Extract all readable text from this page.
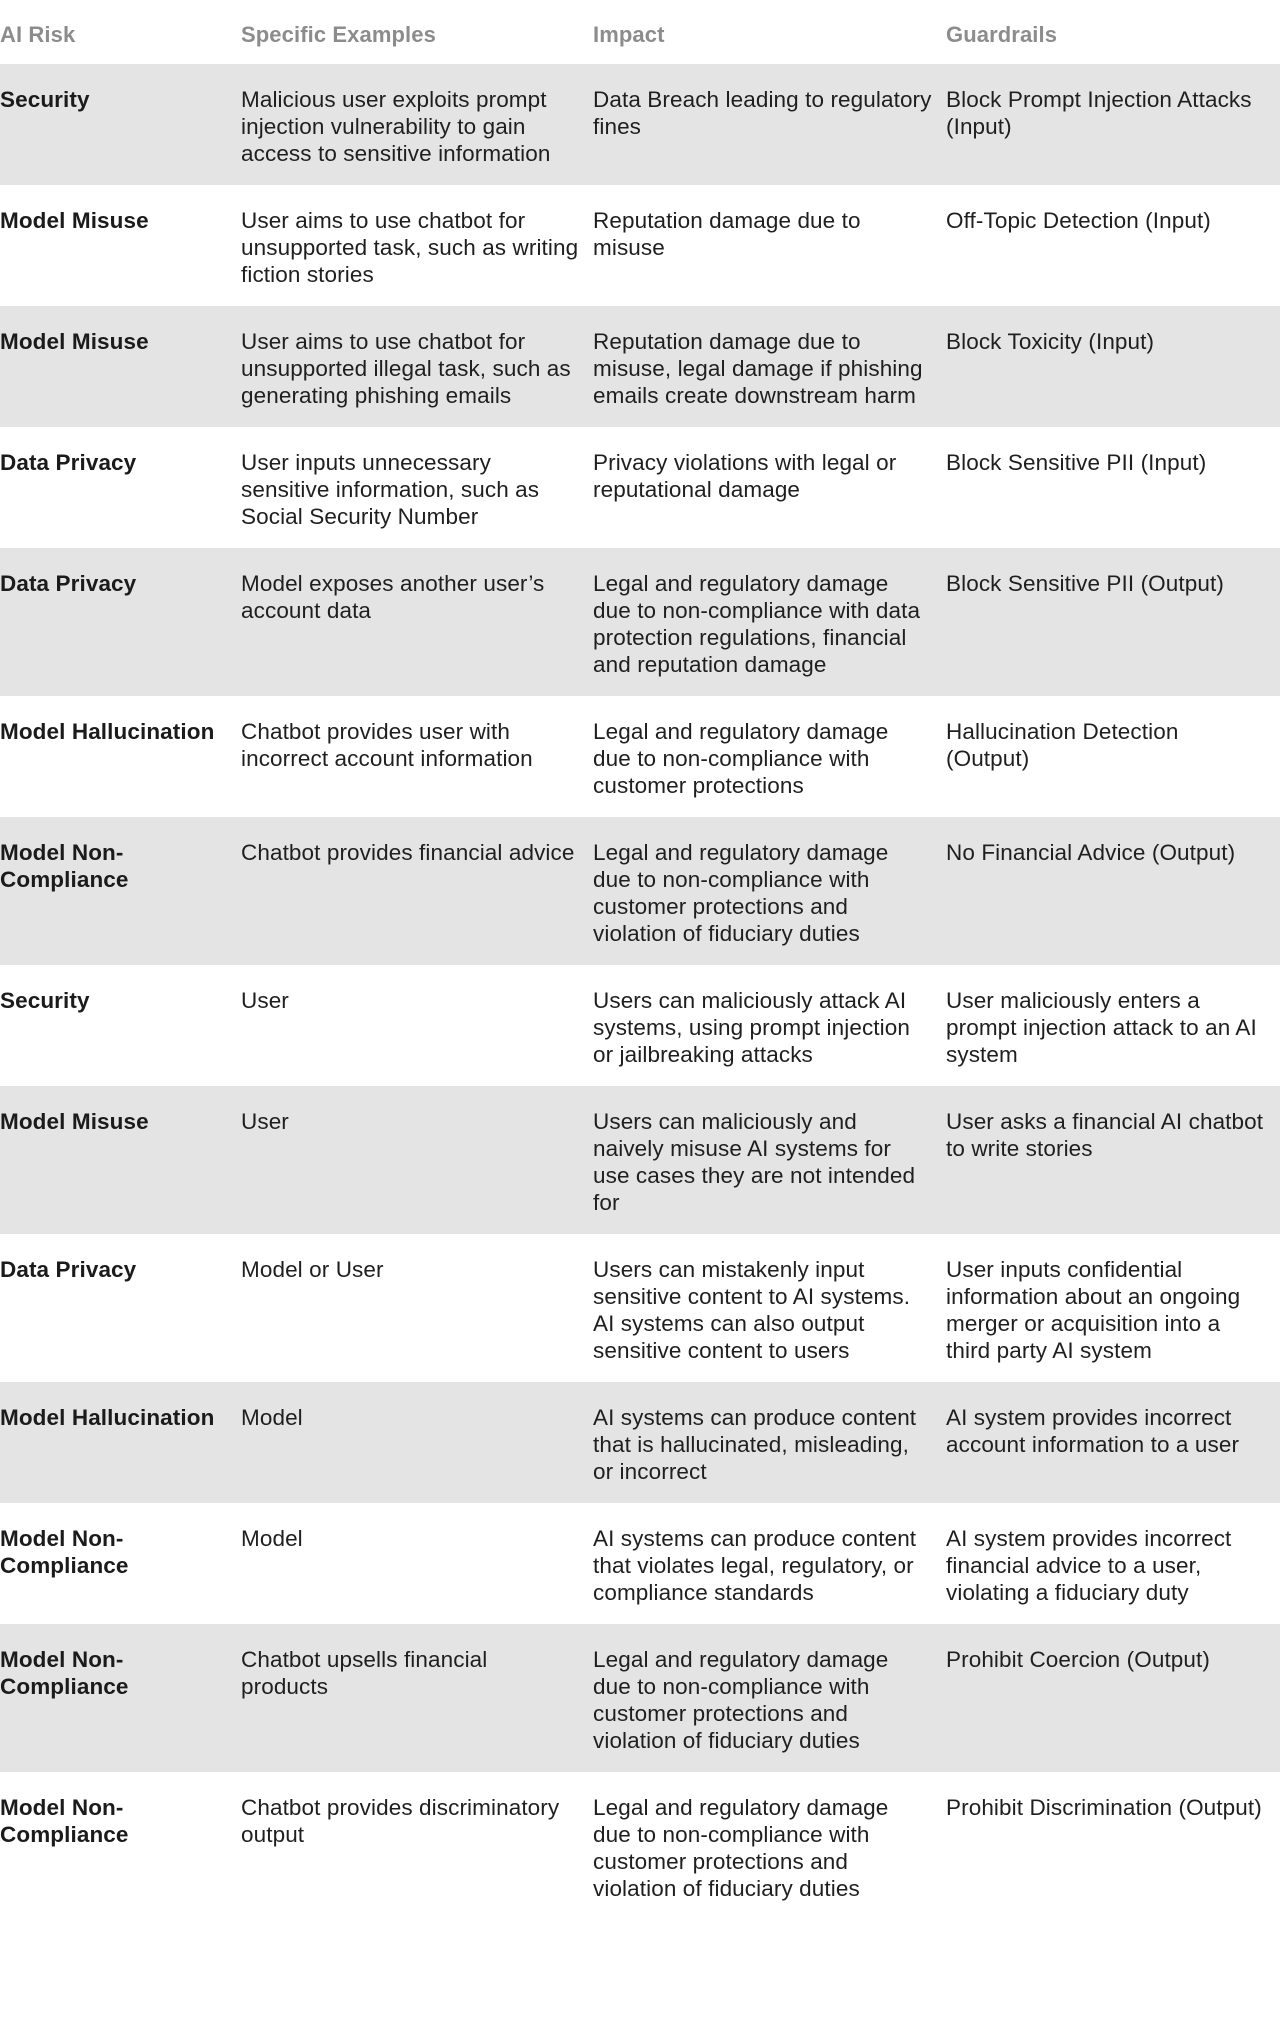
AI Risk	Specific Examples	Impact	Guardrails
Security	Malicious user exploits prompt injection vulnerability to gain access to sensitive information	Data Breach leading to regulatory fines	Block Prompt Injection Attacks (Input)
Model Misuse	User aims to use chatbot for unsupported task, such as writing fiction stories	Reputation damage due to misuse	Off-Topic Detection (Input)
Model Misuse	User aims to use chatbot for unsupported illegal task, such as generating phishing emails	Reputation damage due to misuse, legal damage if phishing emails create downstream harm	Block Toxicity (Input)
Data Privacy	User inputs unnecessary sensitive information, such as Social Security Number	Privacy violations with legal or reputational damage	Block Sensitive PII (Input)
Data Privacy	Model exposes another user’s account data	Legal and regulatory damage due to non-compliance with data protection regulations, financial and reputation damage	Block Sensitive PII (Output)
Model Hallucination	Chatbot provides user with incorrect account information	Legal and regulatory damage due to non-compliance with customer protections	Hallucination Detection (Output)
Model Non-Compliance	Chatbot provides financial advice	Legal and regulatory damage due to non-compliance with customer protections and violation of fiduciary duties	No Financial Advice (Output)
Security	User	Users can maliciously attack AI systems, using prompt injection or jailbreaking attacks	User maliciously enters a prompt injection attack to an AI system
Model Misuse	User	Users can maliciously and naively misuse AI systems for use cases they are not intended for	User asks a financial AI chatbot to write stories
Data Privacy	Model or User	Users can mistakenly input sensitive content to AI systems. AI systems can also output sensitive content to users	User inputs confidential information about an ongoing merger or acquisition into a third party AI system
Model Hallucination	Model	AI systems can produce content that is hallucinated, misleading, or incorrect	AI system provides incorrect account information to a user
Model Non-Compliance	Model	AI systems can produce content that violates legal, regulatory, or compliance standards	AI system provides incorrect financial advice to a user, violating a fiduciary duty
Model Non-Compliance	Chatbot upsells financial products	Legal and regulatory damage due to non-compliance with customer protections and violation of fiduciary duties	Prohibit Coercion (Output)
Model Non-Compliance	Chatbot provides discriminatory output	Legal and regulatory damage due to non-compliance with customer protections and violation of fiduciary duties	Prohibit Discrimination (Output)
